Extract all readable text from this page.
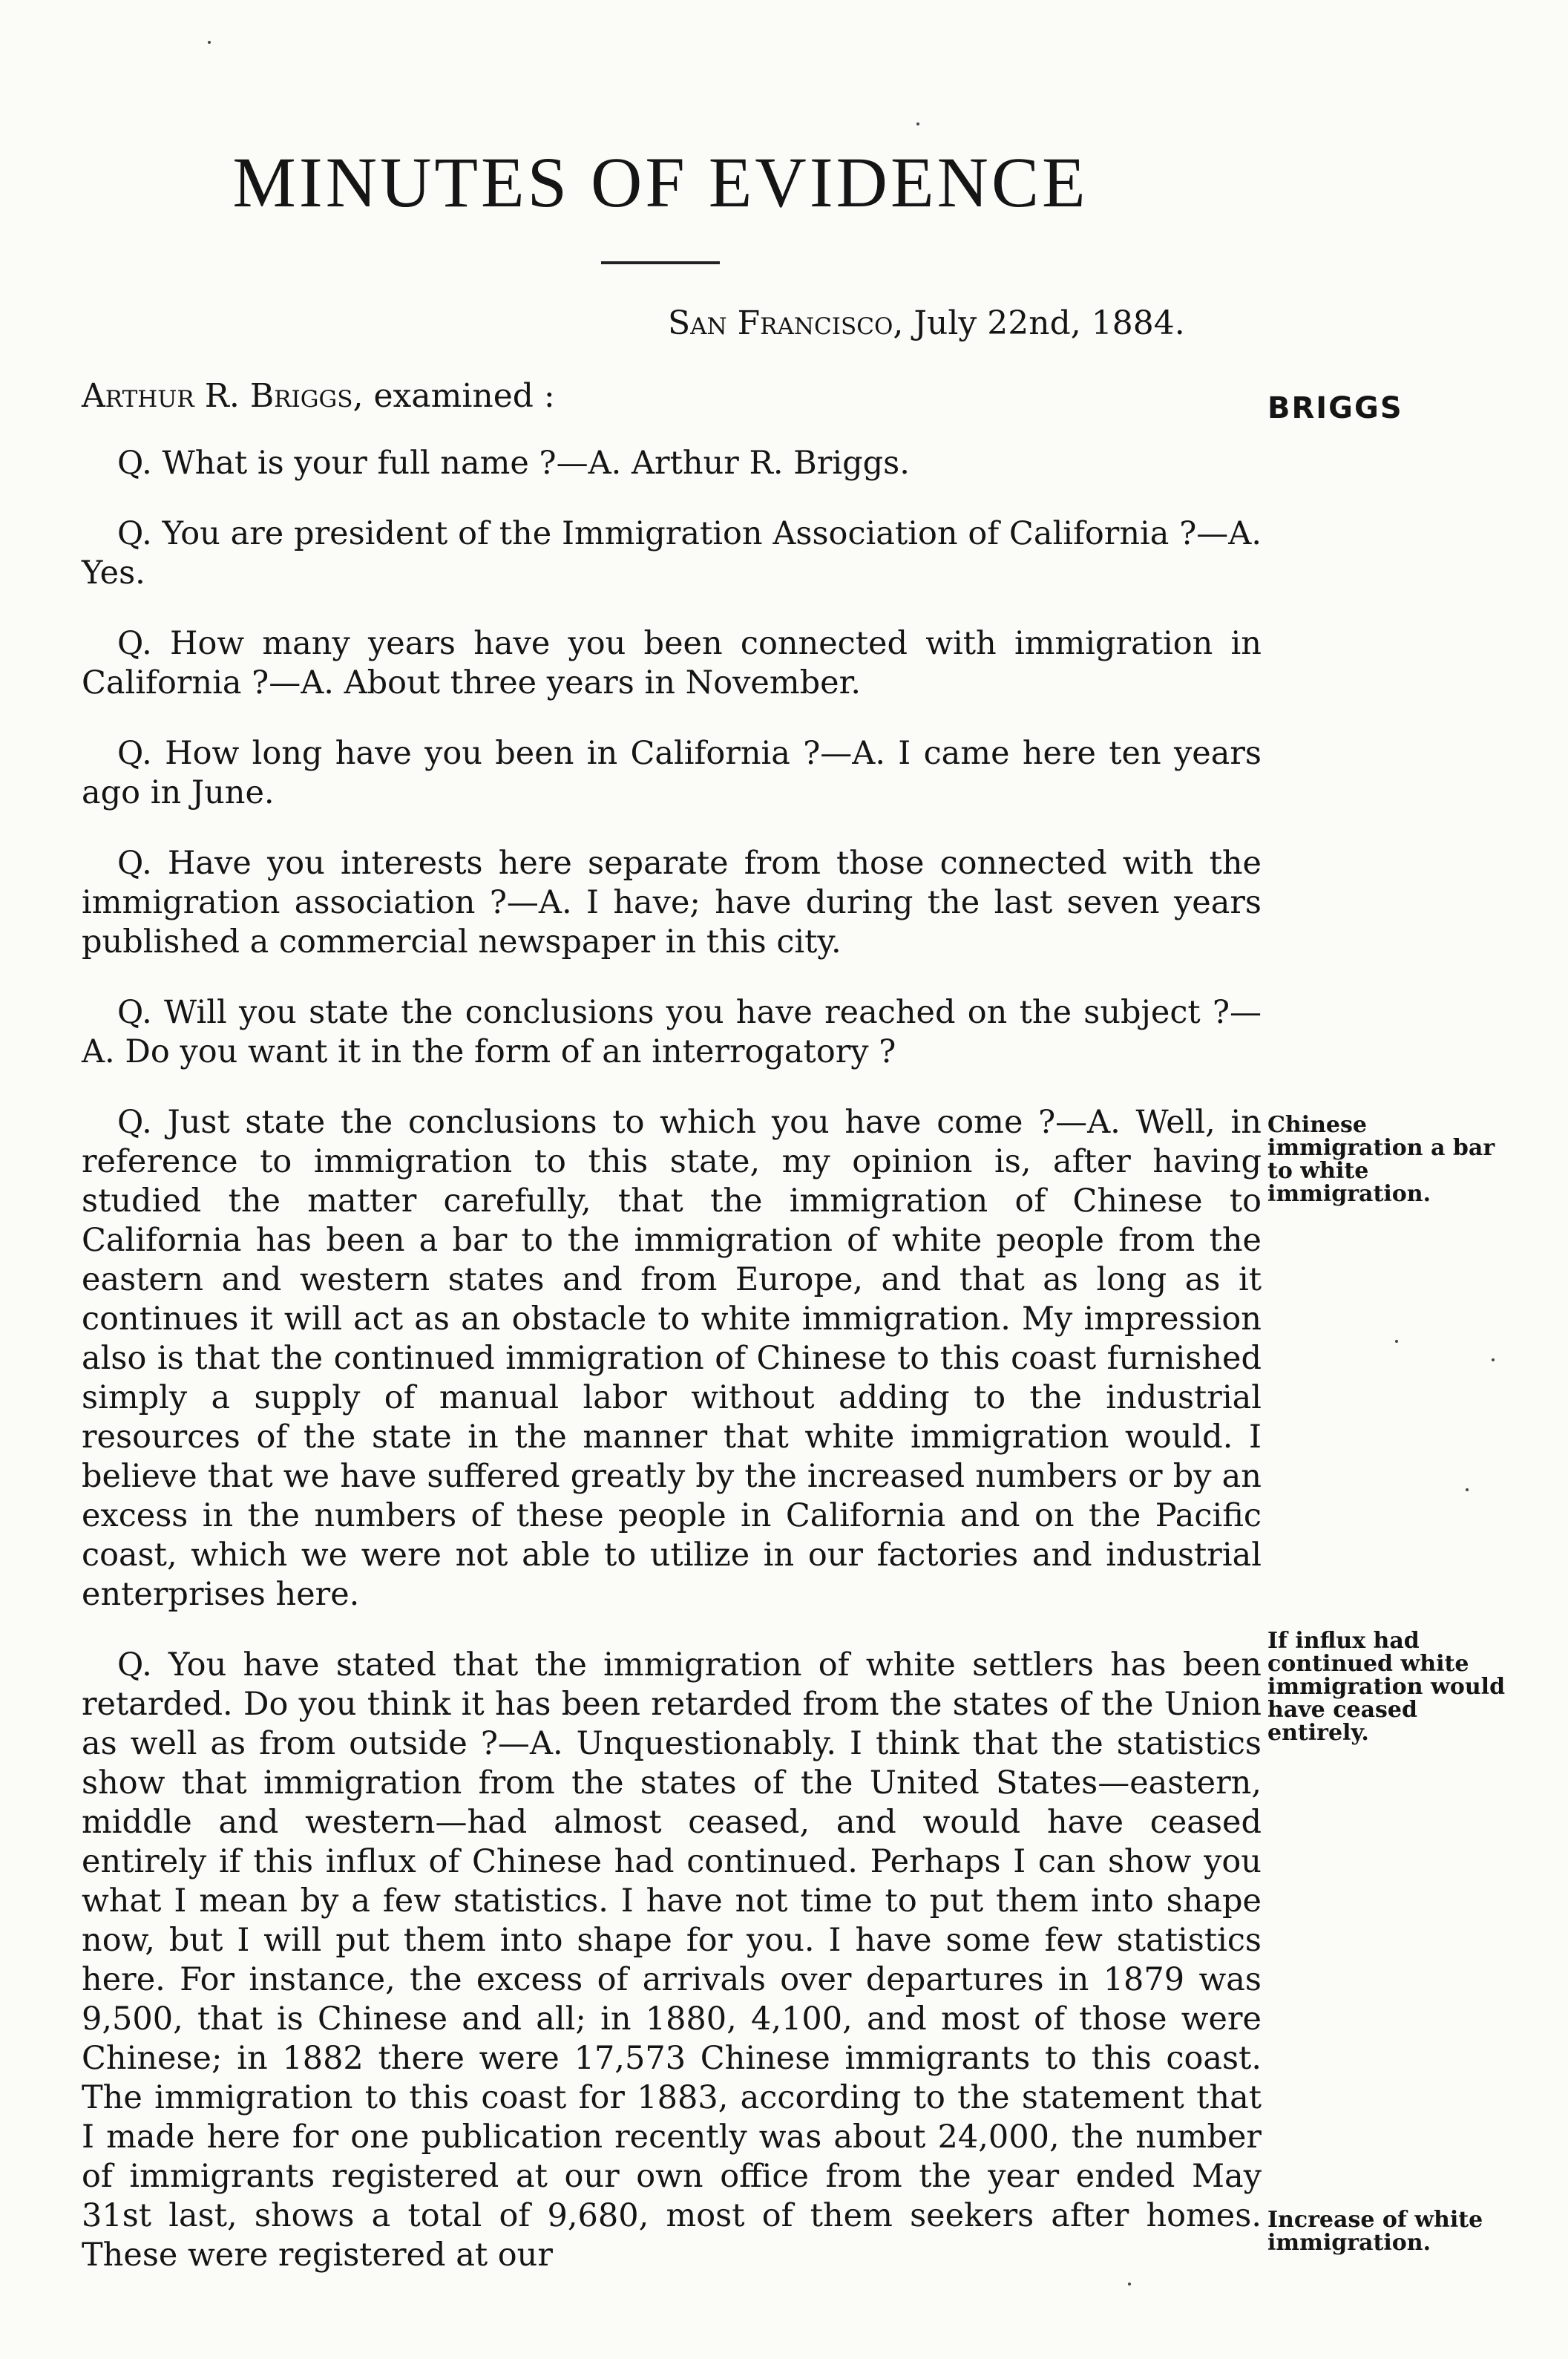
MINUTES OF EVIDENCE
San Francisco, July 22nd, 1884.
Arthur R. Briggs, examined :	BRIGGS

Q. What is your full name ?—A. Arthur R. Briggs.

Q. You are president of the Immigration Association of California ?—A. Yes.

Q. How many years have you been connected with immigration in California ?—A. About three years in November.

Q. How long have you been in California ?—A. I came here ten years ago in June.

Q. Have you interests here separate from those connected with the immigration association ?—A. I have; have during the last seven years published a commercial newspaper in this city.

Q. Will you state the conclusions you have reached on the subject ?—A. Do you want it in the form of an interrogatory ?

Q. Just state the conclusions to which you have come ?—A. Well, in reference to immigration to this state, my opinion is, after having studied the matter carefully, that the immigration of Chinese to California has been a bar to the immigration of white people from the eastern and western states and from Europe, and that as long as it continues it will act as an obstacle to white immigration. My impression also is that the continued immigration of Chinese to this coast furnished simply a supply of manual labor without adding to the industrial resources of the state in the manner that white immigration would. I believe that we have suffered greatly by the increased numbers or by an excess in the numbers of these people in California and on the Pacific coast, which we were not able to utilize in our factories and industrial enterprises here.

Q. You have stated that the immigration of white settlers has been retarded. Do you think it has been retarded from the states of the Union as well as from outside ?—A. Unquestionably. I think that the statistics show that immigration from the states of the United States—eastern, middle and western—had almost ceased, and would have ceased entirely if this influx of Chinese had continued. Perhaps I can show you what I mean by a few statistics. I have not time to put them into shape now, but I will put them into shape for you. I have some few statistics here. For instance, the excess of arrivals over departures in 1879 was 9,500, that is Chinese and all; in 1880, 4,100, and most of those were Chinese; in 1882 there were 17,573 Chinese immigrants to this coast. The immigration to this coast for 1883, according to the statement that I made here for one publication recently was about 24,000, the number of immigrants registered at our own office from the year ended May 31st last, shows a total of 9,680, most of them seekers after homes. These were registered at our

Chinese immigration a bar to white immigration.
If influx had continued white immigration would have ceased entirely.
Increase of white immigration.
